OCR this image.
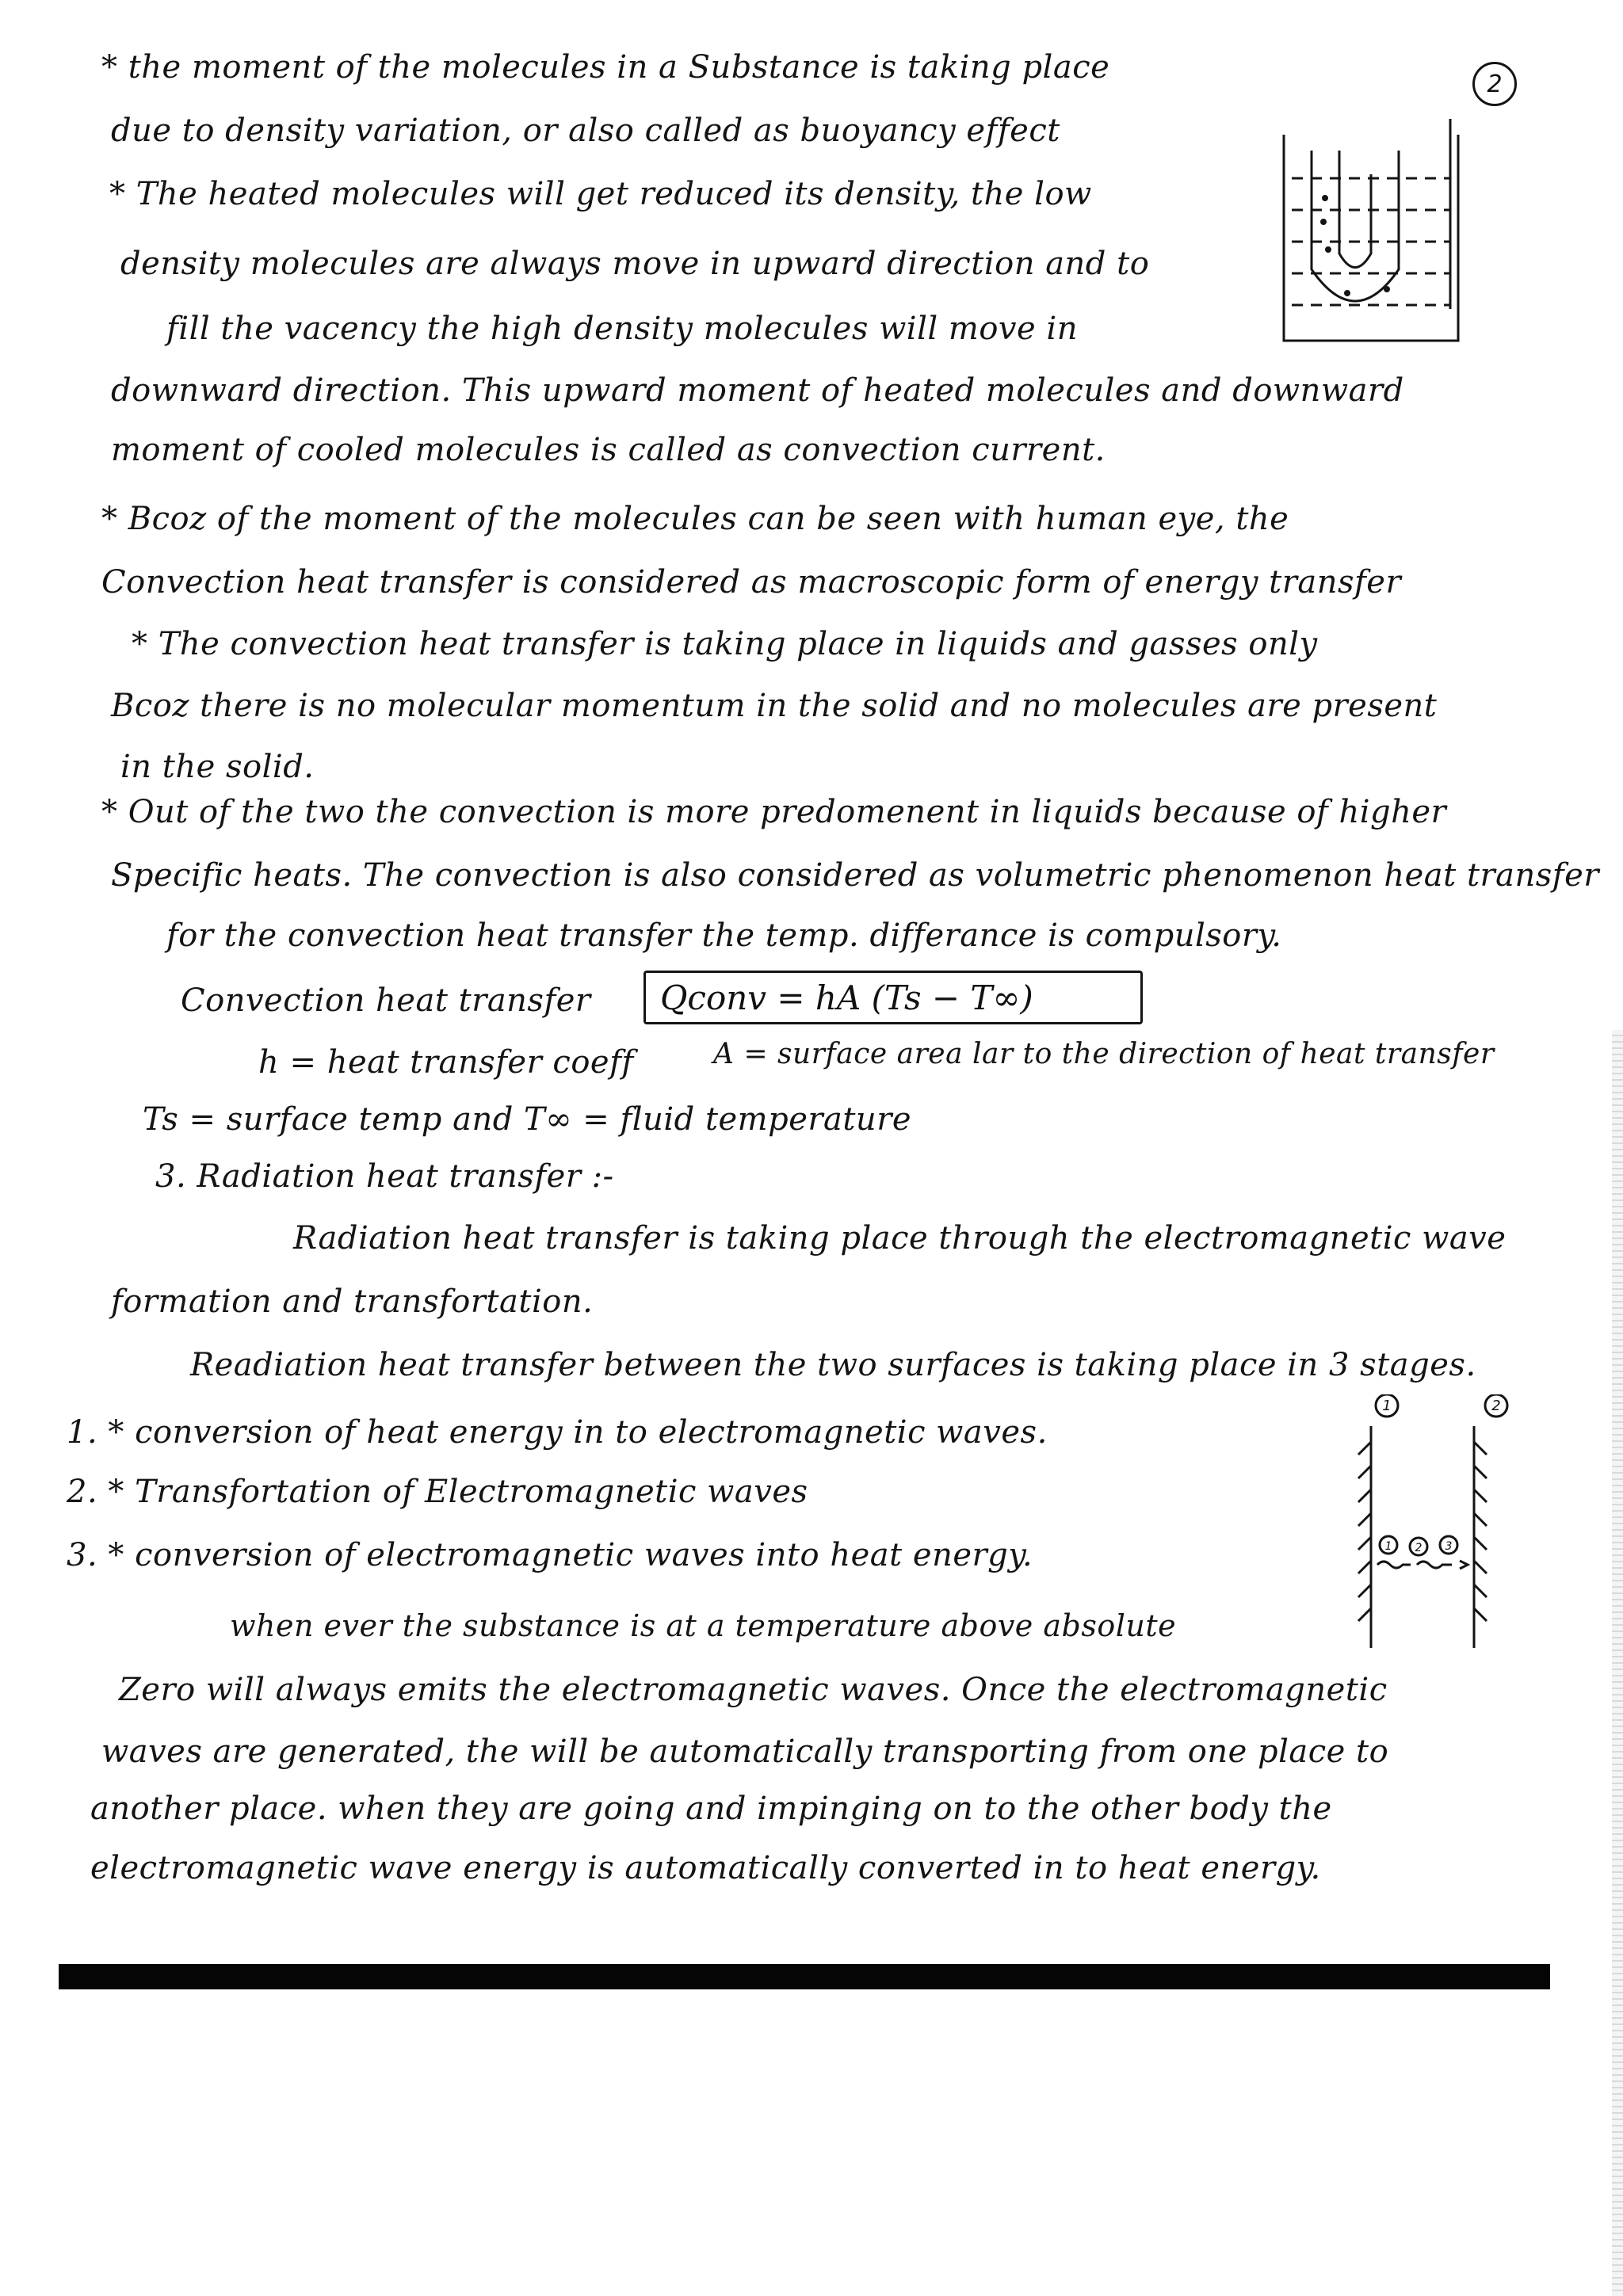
2
* the moment of the molecules in a Substance is taking place
due to density variation, or also called as buoyancy effect
* The heated molecules will get reduced its density, the low
density molecules are always move in upward direction and to
fill the vacency the high density molecules will move in
downward direction. This upward moment of heated molecules and downward
moment of cooled molecules is called as convection current.
* Bcoz of the moment of the molecules can be seen with human eye, the
Convection heat transfer is considered as macroscopic form of energy transfer
* The convection heat transfer is taking place in liquids and gasses only
Bcoz there is no molecular momentum in the solid and no molecules are present
in the solid.
* Out of the two the convection is more predomenent in liquids because of higher
Specific heats. The convection is also considered as volumetric phenomenon heat transfer
for the convection heat transfer the temp. differance is compulsory.
Convection heat transfer Qconv = hA (Ts − T∞)
h = heat transfer coeff	A = surface area lar to the direction of heat transfer
Ts = surface temp and T∞ = fluid temperature
3. Radiation heat transfer :-
Radiation heat transfer is taking place through the electromagnetic wave
formation and transfortation.
Readiation heat transfer between the two surfaces is taking place in 3 stages.
1. * conversion of heat energy in to electromagnetic waves.
2. * Transfortation of Electromagnetic waves
3. * conversion of electromagnetic waves into heat energy.
when ever the substance is at a temperature above absolute
Zero will always emits the electromagnetic waves. Once the electromagnetic
waves are generated, the will be automatically transporting from one place to
another place. when they are going and impinging on to the other body the
electromagnetic wave energy is automatically converted in to heat energy.
1	2
1 2 3
